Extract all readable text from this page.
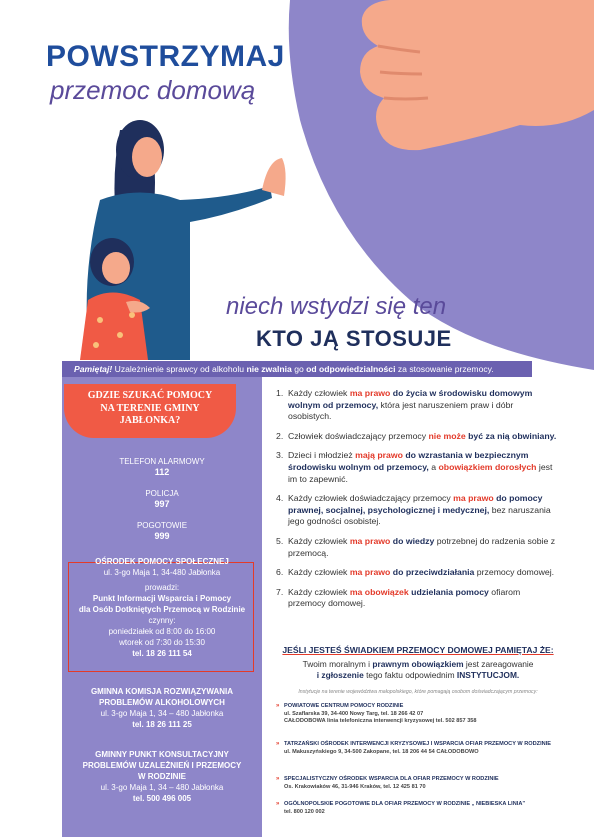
POWSTRZYMAJ
przemoc domową
niech wstydzi się ten
KTO JĄ STOSUJE
Pamiętaj! Uzależnienie sprawcy od alkoholu nie zwalnia go od odpowiedzialności za stosowanie przemocy.
GDZIE SZUKAĆ POMOCY
NA TERENIE GMINY
JABŁONKA?
TELEFON ALARMOWY
112
POLICJA
997
POGOTOWIE
999
OŚRODEK POMOCY SPOŁECZNEJ
ul. 3-go Maja 1, 34-480 Jabłonka
prowadzi:
Punkt Informacji Wsparcia i Pomocy
dla Osób Dotkniętych Przemocą w Rodzinie
czynny:
poniedziałek od 8:00 do 16:00
wtorek od 7:30 do 15:30
tel. 18 26 111 54
GMINNA KOMISJA ROZWIĄZYWANIA
PROBLEMÓW ALKOHOLOWYCH
ul. 3-go Maja 1, 34 – 480 Jabłonka
tel. 18 26 111 25
GMINNY PUNKT KONSULTACYJNY
PROBLEMÓW UZALEŻNIEŃ I PRZEMOCY
W RODZINIE
ul. 3-go Maja 1, 34 – 480 Jabłonka
tel. 500 496 005
1. Każdy człowiek ma prawo do życia w środowisku domowym wolnym od przemocy, która jest naruszeniem praw i dóbr osobistych.
2. Człowiek doświadczający przemocy nie może być za nią obwiniany.
3. Dzieci i młodzież mają prawo do wzrastania w bezpiecznym środowisku wolnym od przemocy, a obowiązkiem dorosłych jest im to zapewnić.
4. Każdy człowiek doświadczający przemocy ma prawo do pomocy prawnej, socjalnej, psychologicznej i medycznej, bez naruszania jego godności osobistej.
5. Każdy człowiek ma prawo do wiedzy potrzebnej do radzenia sobie z przemocą.
6. Każdy człowiek ma prawo do przeciwdziałania przemocy domowej.
7. Każdy człowiek ma obowiązek udzielania pomocy ofiarom przemocy domowej.
JEŚLI JESTEŚ ŚWIADKIEM PRZEMOCY DOMOWEJ PAMIĘTAJ ŻE:
Twoim moralnym i prawnym obowiązkiem jest zareagowanie
i zgłoszenie tego faktu odpowiednim INSTYTUCJOM.
Instytucje na terenie województwa małopolskiego, które pomagają osobom doświadczającym przemocy:
» POWIATOWE CENTRUM POMOCY RODZINIE
ul. Szaflarska 39, 34-400 Nowy Targ, tel. 18 266 42 07
CAŁODOBOWA linia telefoniczna interwencji kryzysowej tel. 502 857 358
» TATRZAŃSKI OŚRODEK INTERWENCJI KRYZYSOWEJ I WSPARCIA OFIAR PRZEMOCY W RODZINIE
ul. Makuszyńskiego 9, 34-500 Zakopane, tel. 18 206 44 54 CAŁODOBOWO
» SPECJALISTYCZNY OŚRODEK WSPARCIA DLA OFIAR PRZEMOCY W RODZINIE
Os. Krakowiaków 46, 31-946 Kraków, tel. 12 425 81 70
» OGÓLNOPOLSKIE POGOTOWIE DLA OFIAR PRZEMOCY W RODZINIE „ NIEBIESKA LINIA”
tel. 800 120 002
